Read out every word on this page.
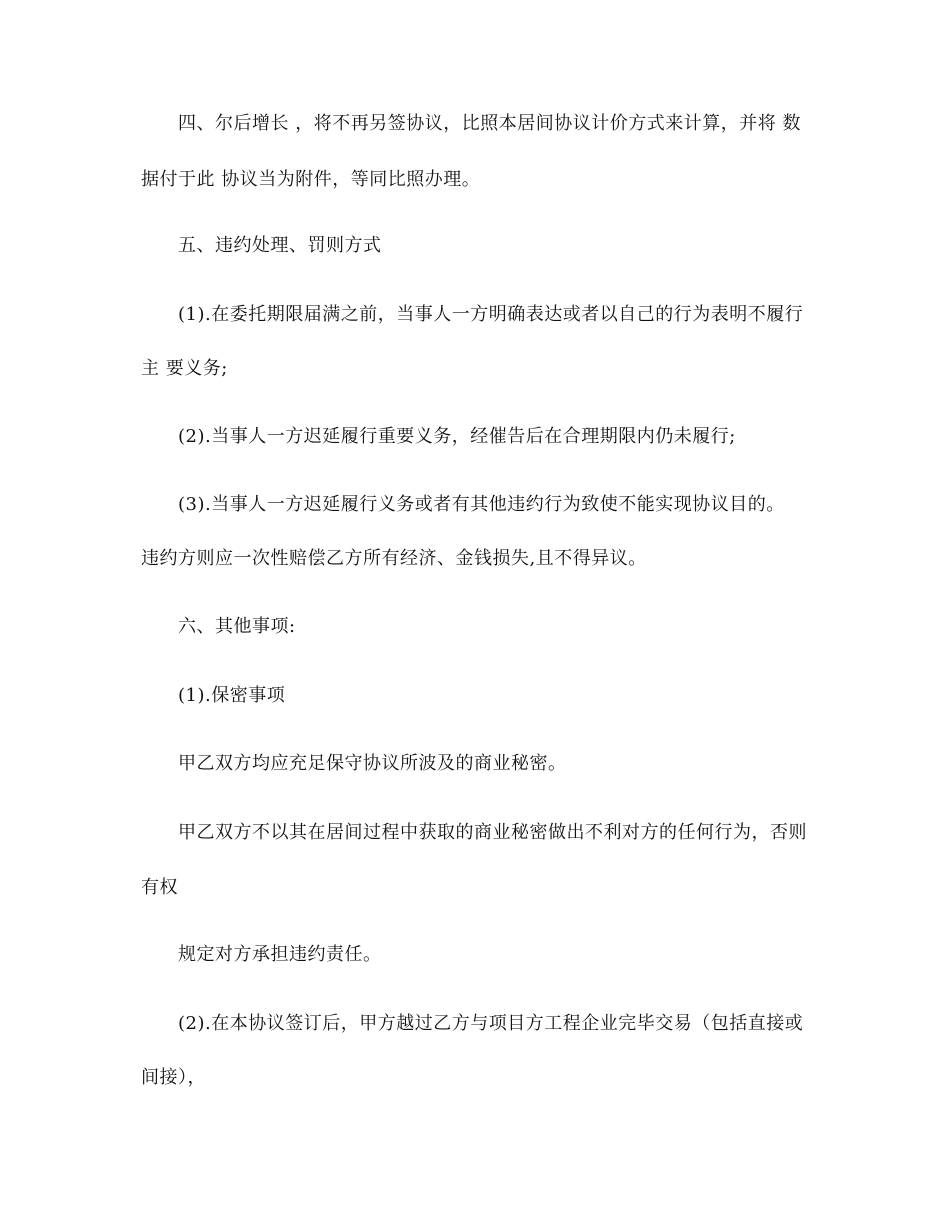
四、尔后增长 ，将不再另签协议，比照本居间协议计价方式来计算，并将 数
据付于此 协议当为附件，等同比照办理。
五、违约处理、罚则方式
(1).在委托期限届满之前，当事人一方明确表达或者以自己的行为表明不履行
主 要义务;
(2).当事人一方迟延履行重要义务，经催告后在合理期限内仍未履行;
(3).当事人一方迟延履行义务或者有其他违约行为致使不能实现协议目的。
违约方则应一次性赔偿乙方所有经济、金钱损失,且不得异议。
六、其他事项:
(1).保密事项
甲乙双方均应充足保守协议所波及的商业秘密。
甲乙双方不以其在居间过程中获取的商业秘密做出不利对方的任何行为，否则
有权
规定对方承担违约责任。
(2).在本协议签订后，甲方越过乙方与项目方工程企业完毕交易（包括直接或
间接），
